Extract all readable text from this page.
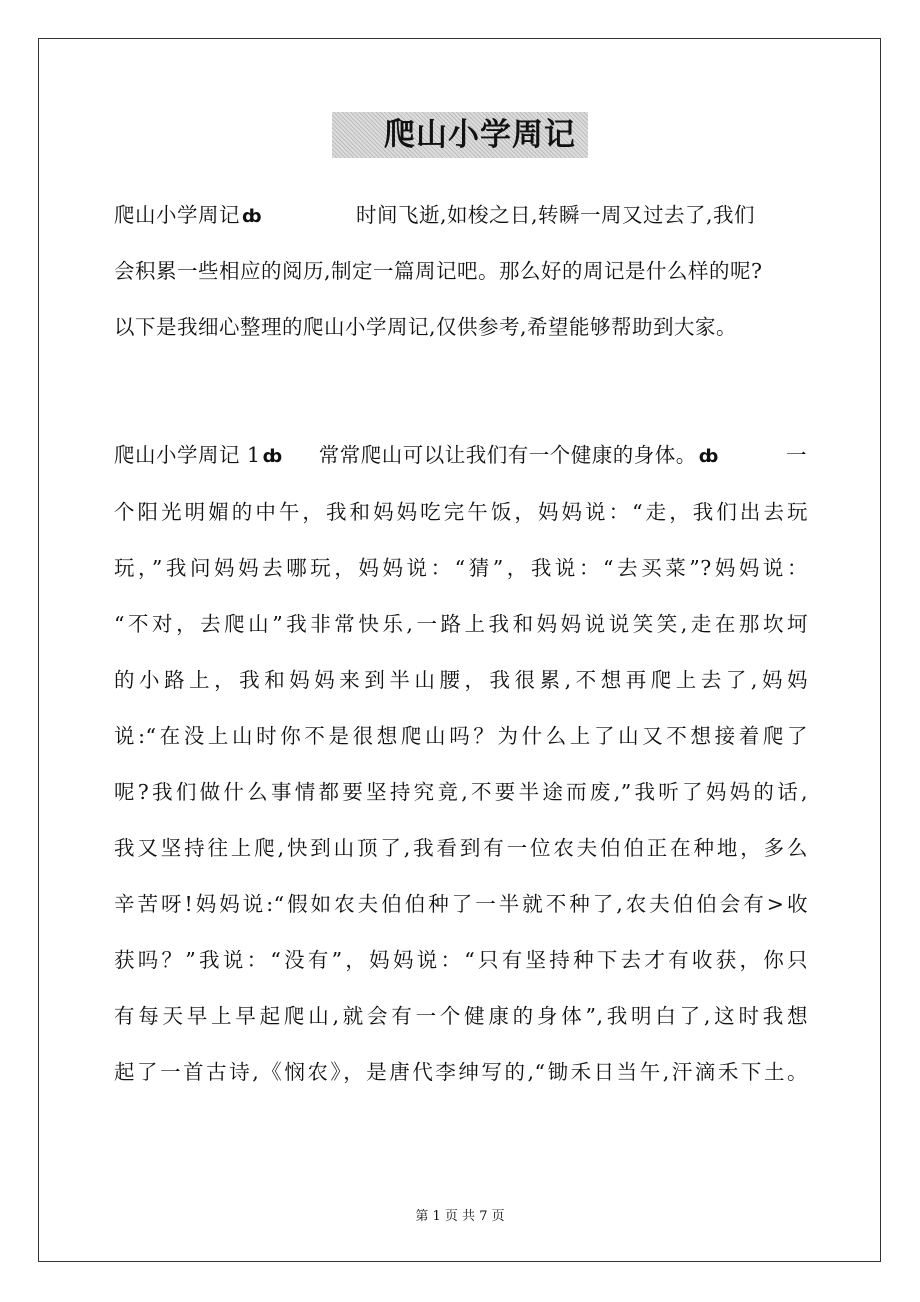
爬山小学周记
爬山小学周记 ȸ	时间飞逝,如梭之日,转瞬一周又过去了,我们
会积累一些相应的阅历,制定一篇周记吧。那么好的周记是什么样的呢?
以下是我细心整理的爬山小学周记,仅供参考,希望能够帮助到大家。
爬山小学周记 1 ȸ 常常爬山可以让我们有一个健康的身体。 ȸ	一
个阳光明媚的中午，我和妈妈吃完午饭，妈妈说：“走，我们出去玩
玩，”我问妈妈去哪玩，妈妈说：“猜”，我说：“去买菜”?妈妈说：
“不对，去爬山”我非常快乐,一路上我和妈妈说说笑笑,走在那坎坷
的小路上，我和妈妈来到半山腰，我很累,不想再爬上去了,妈妈
说:“在没上山时你不是很想爬山吗？为什么上了山又不想接着爬了
呢?我们做什么事情都要坚持究竟,不要半途而废,”我听了妈妈的话,
我又坚持往上爬,快到山顶了,我看到有一位农夫伯伯正在种地，多么
辛苦呀!妈妈说:“假如农夫伯伯种了一半就不种了,农夫伯伯会有>收
获吗？”我说：“没有”，妈妈说：“只有坚持种下去才有收获，你只
有每天早上早起爬山,就会有一个健康的身体”,我明白了,这时我想
起了一首古诗,《悯农》，是唐代李绅写的,“锄禾日当午,汗滴禾下土。
第 1 页 共 7 页
